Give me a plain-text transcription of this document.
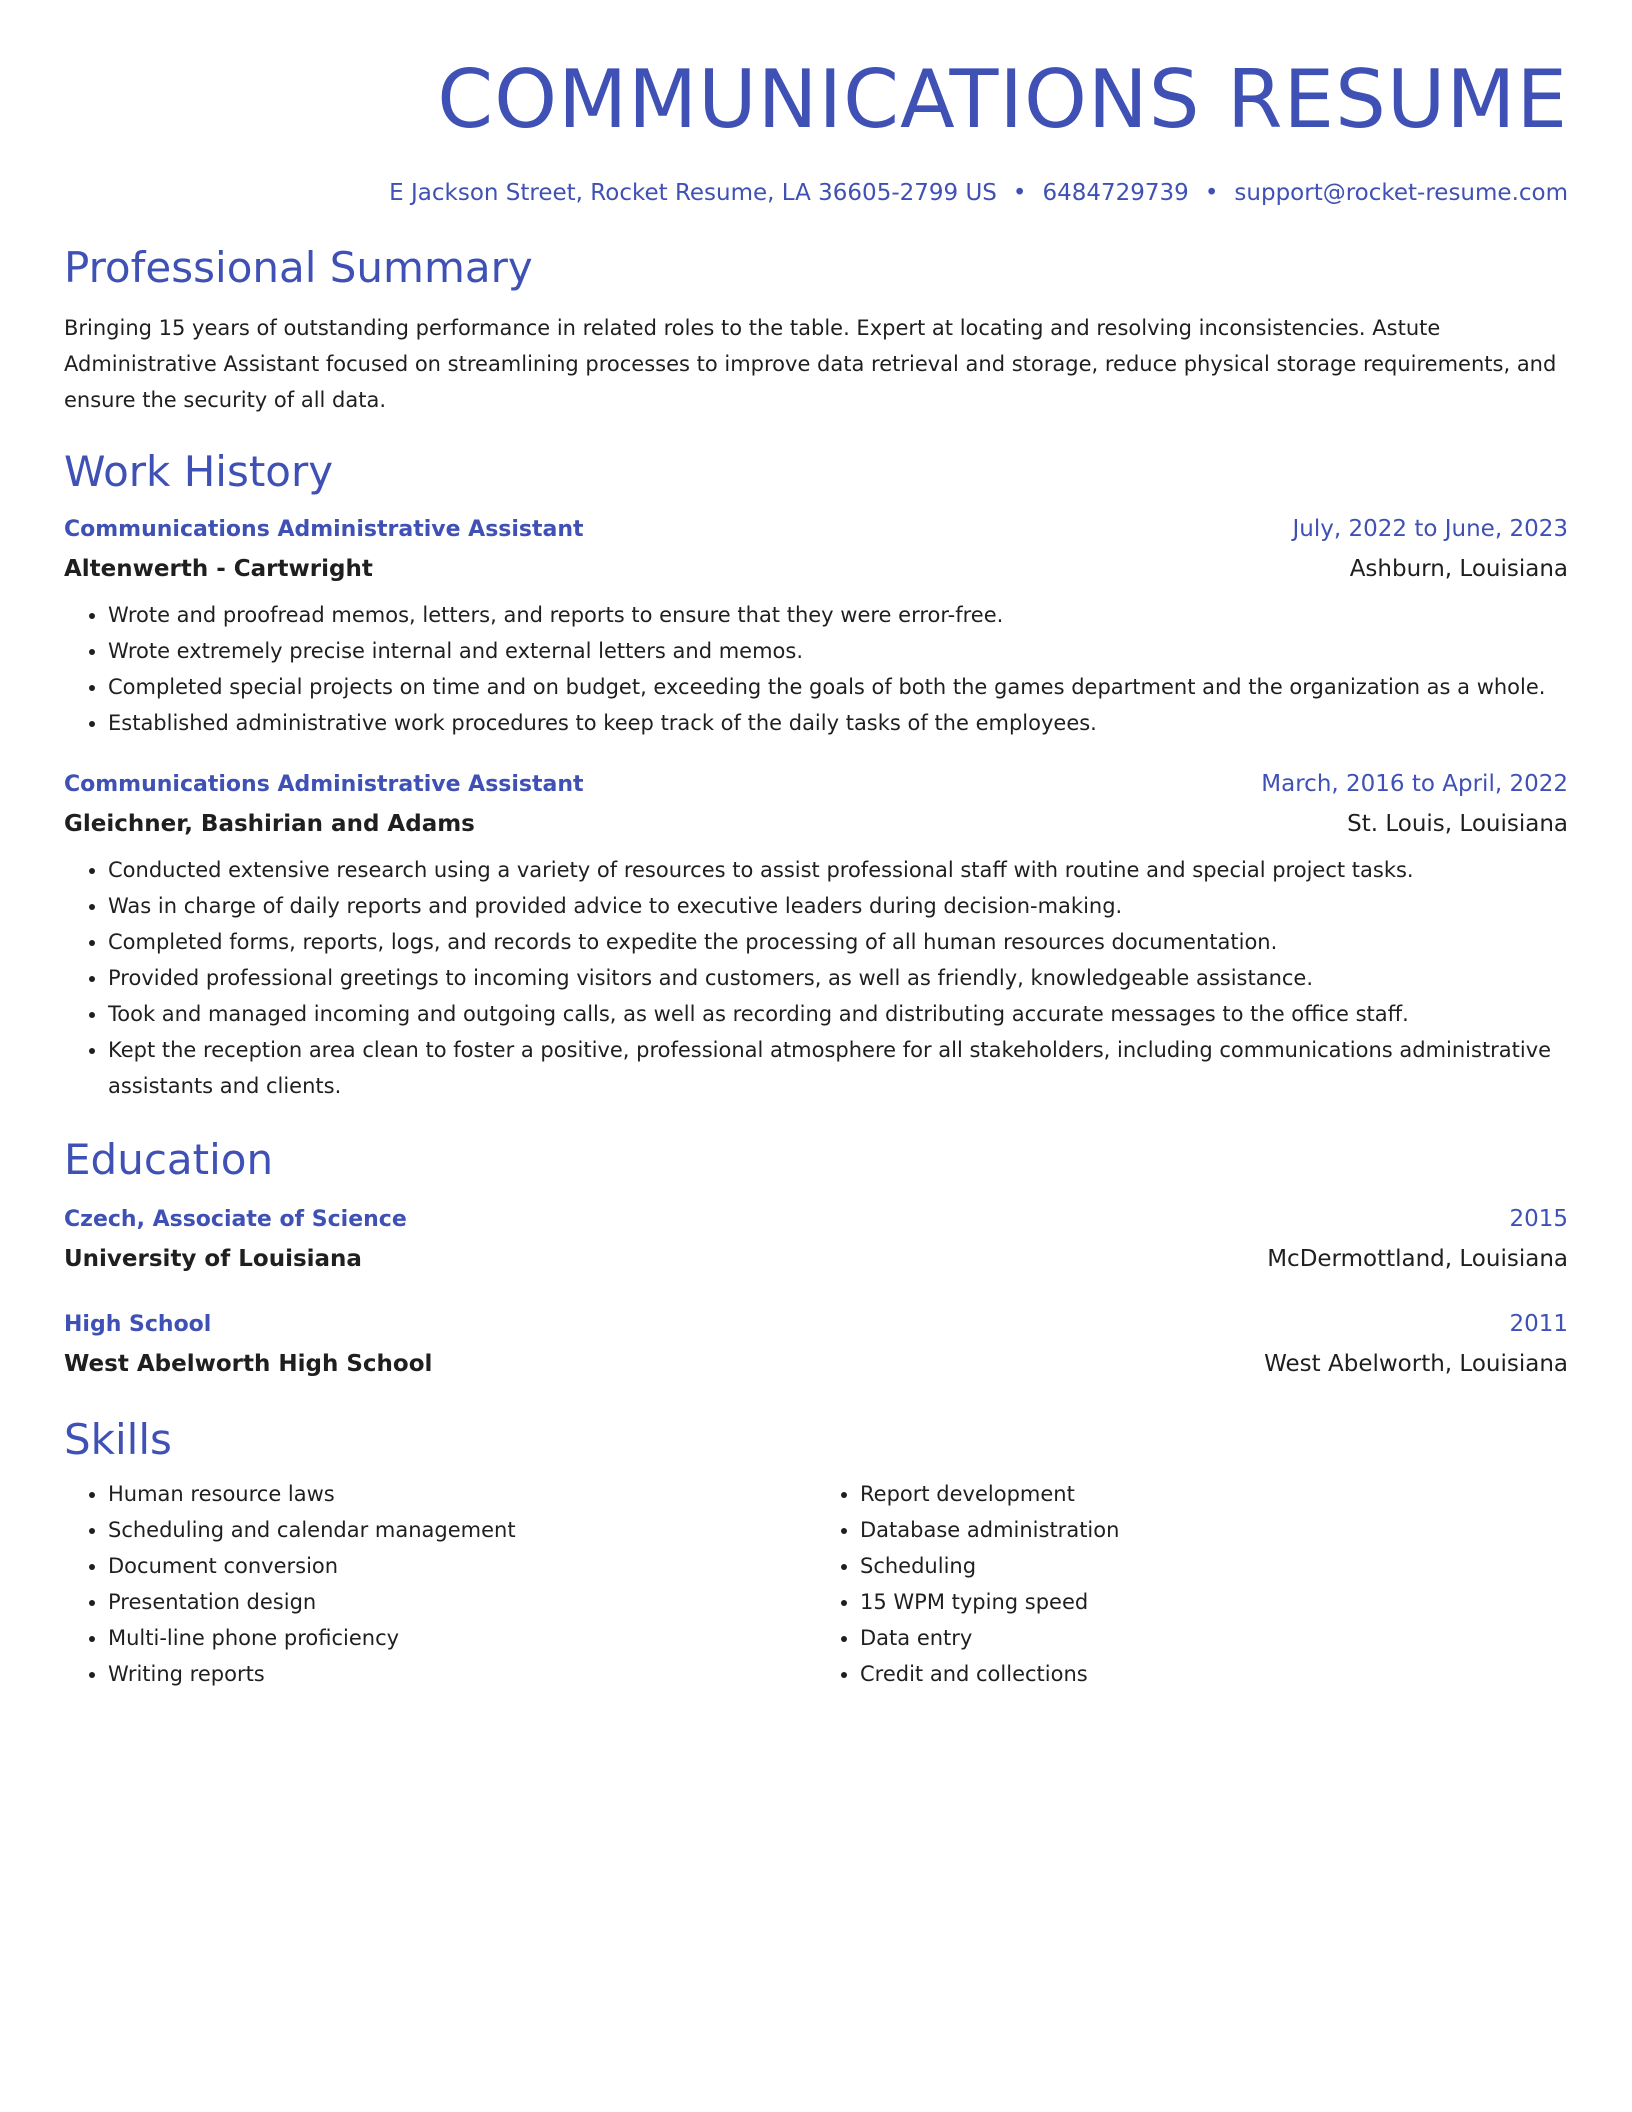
COMMUNICATIONS RESUME
E Jackson Street, Rocket Resume, LA 36605-2799 US • 6484729739 • support@rocket-resume.com
Professional Summary
Bringing 15 years of outstanding performance in related roles to the table. Expert at locating and resolving inconsistencies. Astute Administrative Assistant focused on streamlining processes to improve data retrieval and storage, reduce physical storage requirements, and ensure the security of all data.
Work History
Communications Administrative Assistant	July, 2022 to June, 2023
Altenwerth - Cartwright	Ashburn, Louisiana
• Wrote and proofread memos, letters, and reports to ensure that they were error-free.
• Wrote extremely precise internal and external letters and memos.
• Completed special projects on time and on budget, exceeding the goals of both the games department and the organization as a whole.
• Established administrative work procedures to keep track of the daily tasks of the employees.
Communications Administrative Assistant	March, 2016 to April, 2022
Gleichner, Bashirian and Adams	St. Louis, Louisiana
• Conducted extensive research using a variety of resources to assist professional staff with routine and special project tasks.
• Was in charge of daily reports and provided advice to executive leaders during decision-making.
• Completed forms, reports, logs, and records to expedite the processing of all human resources documentation.
• Provided professional greetings to incoming visitors and customers, as well as friendly, knowledgeable assistance.
• Took and managed incoming and outgoing calls, as well as recording and distributing accurate messages to the office staff.
• Kept the reception area clean to foster a positive, professional atmosphere for all stakeholders, including communications administrative assistants and clients.
Education
Czech, Associate of Science	2015
University of Louisiana	McDermottland, Louisiana
High School	2011
West Abelworth High School	West Abelworth, Louisiana
Skills
• Human resource laws
• Scheduling and calendar management
• Document conversion
• Presentation design
• Multi-line phone proficiency
• Writing reports
• Report development
• Database administration
• Scheduling
• 15 WPM typing speed
• Data entry
• Credit and collections
